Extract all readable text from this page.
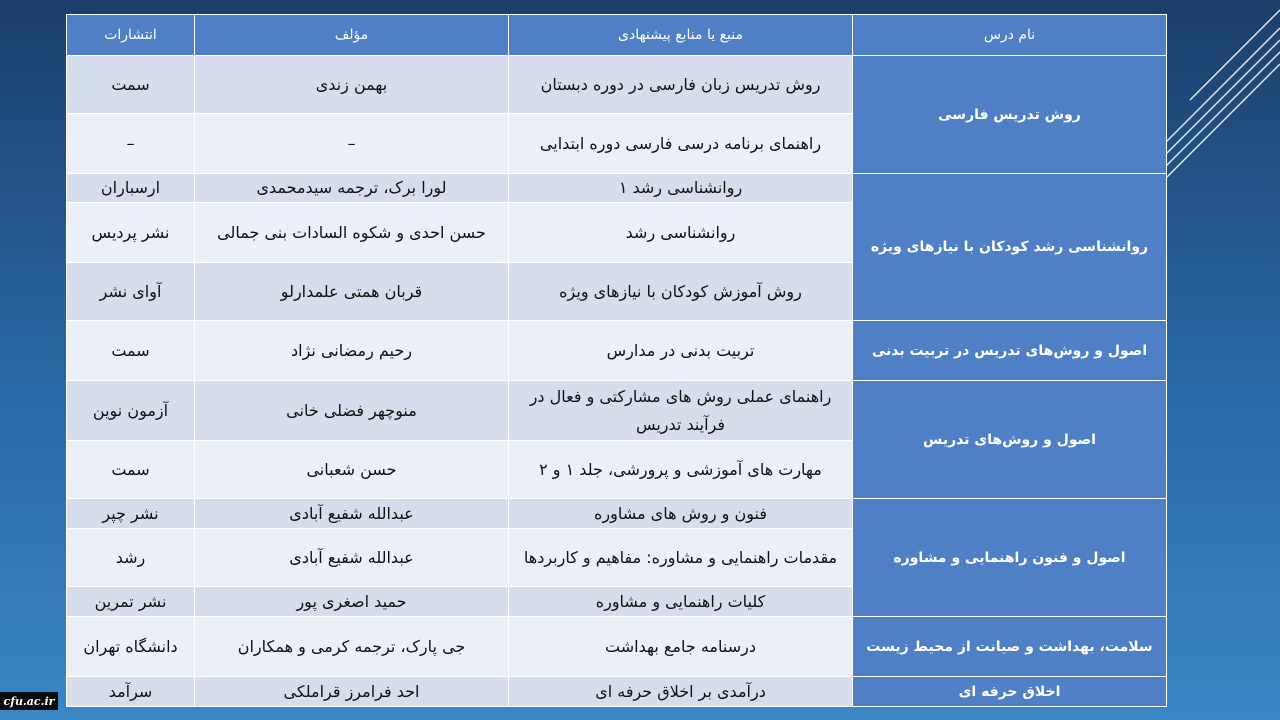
نام درس	منبع یا منابع پیشنهادی	مؤلف	انتشارات
روش تدریس فارسی	روش تدریس زبان فارسی در دوره دبستان	بهمن زندی	سمت
	راهنمای برنامه درسی فارسی دوره ابتدایی	–	–
روانشناسی رشد کودکان با نیازهای ویژه	روانشناسی رشد ۱	لورا برک، ترجمه سیدمحمدی	ارسباران
	روانشناسی رشد	حسن احدی و شکوه السادات بنی جمالی	نشر پردیس
	روش آموزش کودکان با نیازهای ویژه	قربان همتی علمدارلو	آوای نشر
اصول و روش‌های تدریس در تربیت بدنی	تربیت بدنی در مدارس	رحیم رمضانی نژاد	سمت
اصول و روش‌های تدریس	راهنمای عملی روش های مشارکتی و فعال در فرآیند تدریس	منوچهر فضلی خانی	آزمون نوین
	مهارت های آموزشی و پرورشی، جلد ۱ و ۲	حسن شعبانی	سمت
اصول و فنون راهنمایی و مشاوره	فنون و روش های مشاوره	عبدالله شفیع آبادی	نشر چپر
	مقدمات راهنمایی و مشاوره: مفاهیم و کاربردها	عبدالله شفیع آبادی	رشد
	کلیات راهنمایی و مشاوره	حمید اصغری پور	نشر تمرین
سلامت، بهداشت و صیانت از محیط زیست	درسنامه جامع بهداشت	جی پارک، ترجمه کرمی و همکاران	دانشگاه تهران
اخلاق حرفه ای	درآمدی بر اخلاق حرفه ای	احد فرامرز قراملکی	سرآمد
cfu.ac.ir
